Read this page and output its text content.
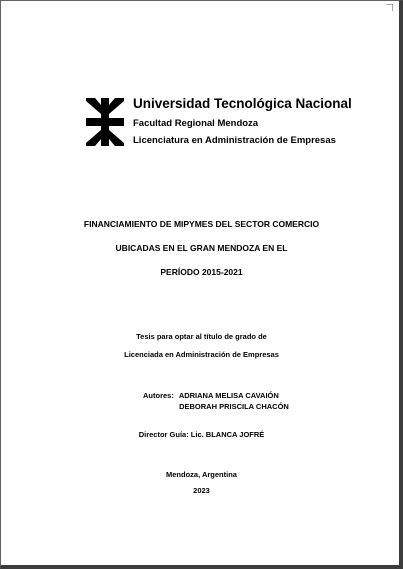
Universidad Tecnológica Nacional
Facultad Regional Mendoza
Licenciatura en Administración de Empresas
FINANCIAMIENTO DE MIPYMES DEL SECTOR COMERCIO
UBICADAS EN EL GRAN MENDOZA EN EL
PERÍODO 2015-2021
Tesis para optar al título de grado de
Licenciada en Administración de Empresas
Autores: ADRIANA MELISA CAVAIÓN
DEBORAH PRISCILA CHACÓN
Director Guía: Lic. BLANCA JOFRÉ
Mendoza, Argentina
2023
